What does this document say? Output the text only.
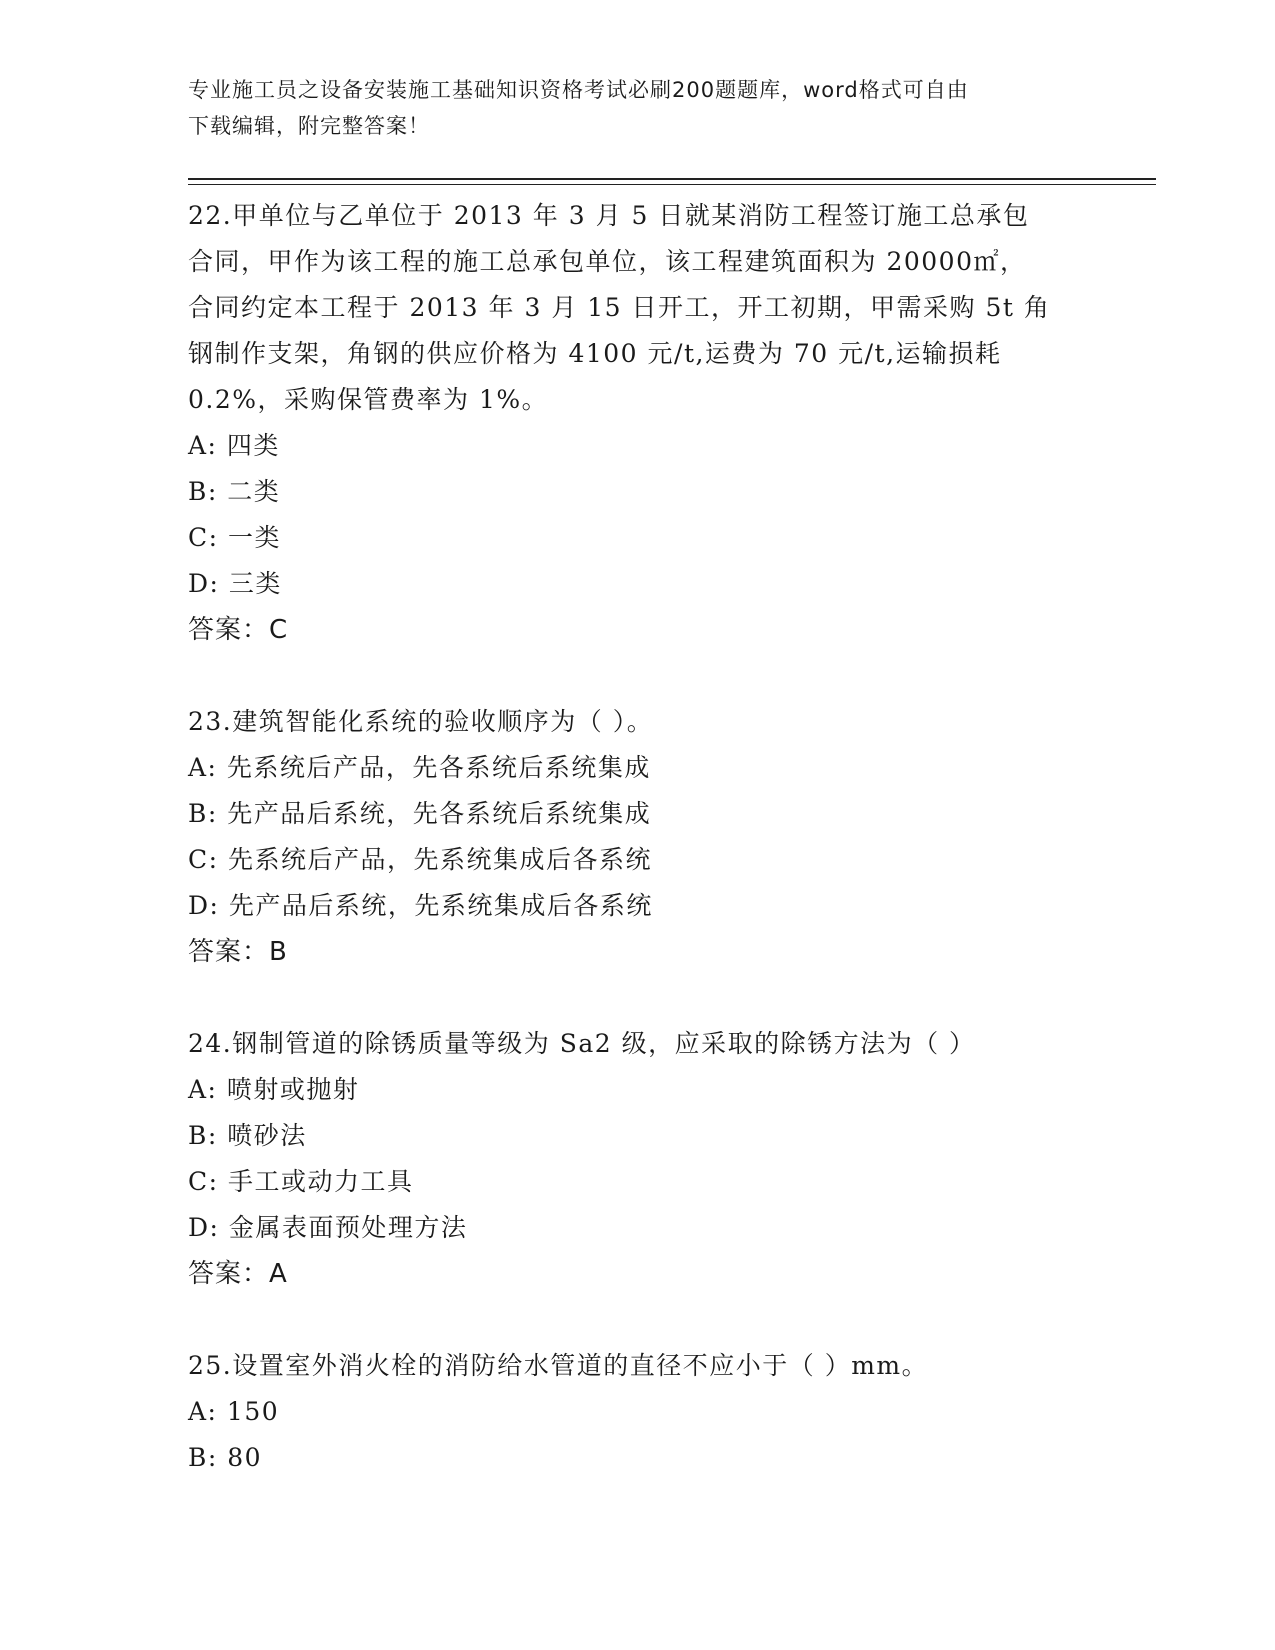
专业施工员之设备安装施工基础知识资格考试必刷200题题库，word格式可自由
下载编辑，附完整答案！
22.甲单位与乙单位于 2013 年 3 月 5 日就某消防工程签订施工总承包
合同，甲作为该工程的施工总承包单位，该工程建筑面积为 20000㎡，
合同约定本工程于 2013 年 3 月 15 日开工，开工初期，甲需采购 5t 角
钢制作支架，角钢的供应价格为 4100 元/t,运费为 70 元/t,运输损耗
0.2%，采购保管费率为 1%。
A: 四类
B: 二类
C: 一类
D: 三类
答案：C
23.建筑智能化系统的验收顺序为（ ）。
A: 先系统后产品，先各系统后系统集成
B: 先产品后系统，先各系统后系统集成
C: 先系统后产品，先系统集成后各系统
D: 先产品后系统，先系统集成后各系统
答案：B
24.钢制管道的除锈质量等级为 Sa2 级，应采取的除锈方法为（ ）
A: 喷射或抛射
B: 喷砂法
C: 手工或动力工具
D: 金属表面预处理方法
答案：A
25.设置室外消火栓的消防给水管道的直径不应小于（ ）mm。
A: 150
B: 80
